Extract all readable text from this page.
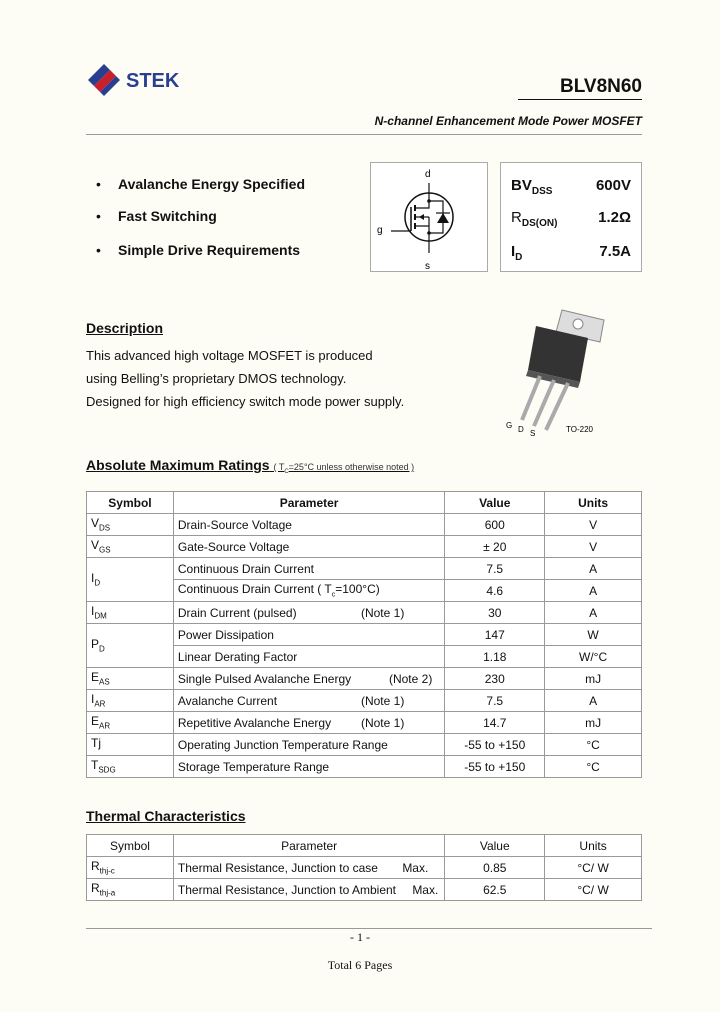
STEK	BLV8N60
N-channel Enhancement Mode Power MOSFET
• Avalanche Energy Specified
• Fast Switching
• Simple Drive Requirements
d
g
s
$BV_{DSS}$	600V
$R_{DS(ON)}$	1.2Ω
$I_D$	7.5A
Description
This advanced high voltage MOSFET is produced
using Belling’s proprietary DMOS technology.
Designed for high efficiency switch mode power supply.
G D S	TO-220
Absolute Maximum Ratings ( $T_C=25^\circ C$ unless otherwise noted )
Symbol	Parameter	Value	Units
$V_{DS}$	Drain-Source Voltage	600	V
$V_{GS}$	Gate-Source Voltage	± 20	V
$I_D$	Continuous Drain Current	7.5	A
	Continuous Drain Current ( $T_c=100^\circ C$)	4.6	A
$I_{DM}$	Drain Current (pulsed) (Note 1)	30	A
$P_D$	Power Dissipation	147	W
	Linear Derating Factor	1.18	W/°C
$E_{AS}$	Single Pulsed Avalanche Energy (Note 2)	230	mJ
$I_{AR}$	Avalanche Current (Note 1)	7.5	A
$E_{AR}$	Repetitive Avalanche Energy (Note 1)	14.7	mJ
Tj	Operating Junction Temperature Range	-55 to +150	°C
$T_{SDG}$	Storage Temperature Range	-55 to +150	°C
Thermal Characteristics
Symbol	Parameter	Value	Units
$R_{thj-c}$	Thermal Resistance, Junction to case Max.	0.85	°C/ W
$R_{thj-a}$	Thermal Resistance, Junction to Ambient Max.	62.5	°C/ W
- 1 -
Total 6 Pages
